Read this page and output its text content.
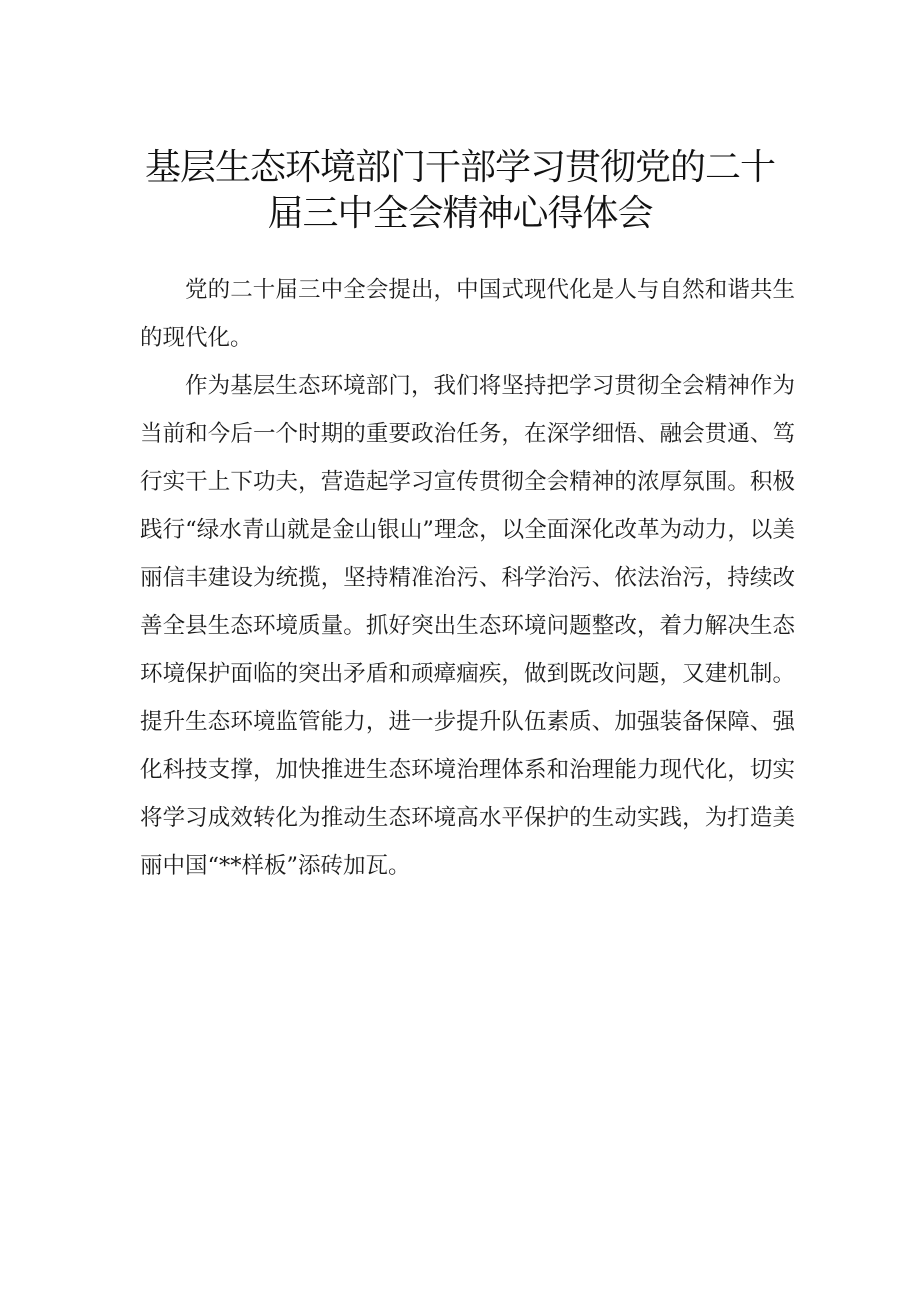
基层生态环境部门干部学习贯彻党的二十
届三中全会精神心得体会

党的二十届三中全会提出，中国式现代化是人与自然和谐共生的现代化。

作为基层生态环境部门，我们将坚持把学习贯彻全会精神作为当前和今后一个时期的重要政治任务，在深学细悟、融会贯通、笃行实干上下功夫，营造起学习宣传贯彻全会精神的浓厚氛围。积极践行“绿水青山就是金山银山”理念，以全面深化改革为动力，以美丽信丰建设为统揽，坚持精准治污、科学治污、依法治污，持续改善全县生态环境质量。抓好突出生态环境问题整改，着力解决生态环境保护面临的突出矛盾和顽瘴痼疾，做到既改问题，又建机制。提升生态环境监管能力，进一步提升队伍素质、加强装备保障、强化科技支撑，加快推进生态环境治理体系和治理能力现代化，切实将学习成效转化为推动生态环境高水平保护的生动实践，为打造美丽中国“**样板”添砖加瓦。
